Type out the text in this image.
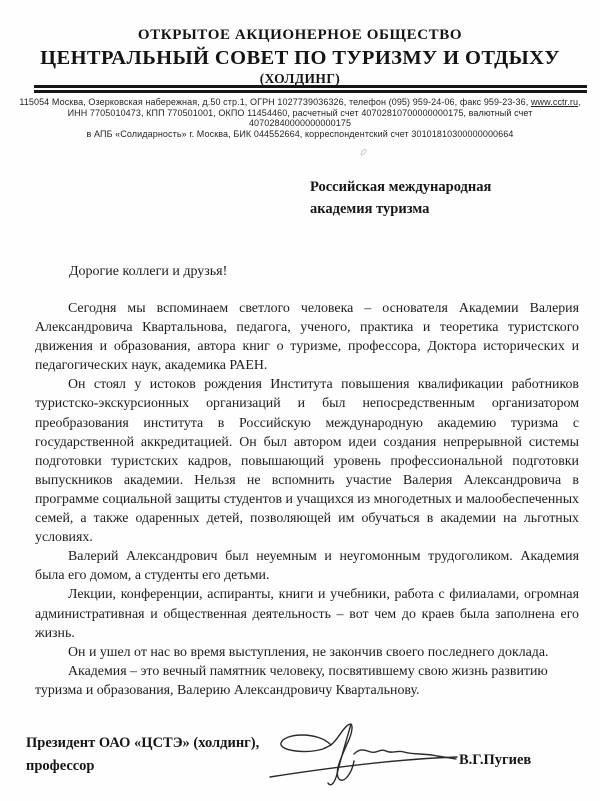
ОТКРЫТОЕ АКЦИОНЕРНОЕ ОБЩЕСТВО
ЦЕНТРАЛЬНЫЙ СОВЕТ ПО ТУРИЗМУ И ОТДЫХУ
(ХОЛДИНГ)
115054 Москва, Озерковская набережная, д.50 стр.1, ОГРН 1027739036326, телефон (095) 959-24-06, факс 959-23-36, www.cctr.ru,
ИНН 7705010473, КПП 770501001, ОКПО 11454460, расчетный счет 40702810700000000175, валютный счет 40702840000000000175
в АПБ «Солидарность» г. Москва, БИК 044552664, корреспондентский счет 30101810300000000664
Российская международная
академия туризма
Дорогие коллеги и друзья!

Сегодня мы вспоминаем светлого человека – основателя Академии Валерия Александровича Квартальнова, педагога, ученого, практика и теоретика туристского движения и образования, автора книг о туризме, профессора, Доктора исторических и педагогических наук, академика РАЕН.

Он стоял у истоков рождения Института повышения квалификации работников туристско-экскурсионных организаций и был непосредственным организатором преобразования института в Российскую международную академию туризма с государственной аккредитацией. Он был автором идеи создания непрерывной системы подготовки туристских кадров, повышающий уровень профессиональной подготовки выпускников академии. Нельзя не вспомнить участие Валерия Александровича в программе социальной защиты студентов и учащихся из многодетных и малообеспеченных семей, а также одаренных детей, позволяющей им обучаться в академии на льготных условиях.

Валерий Александрович был неуемным и неугомонным трудоголиком. Академия была его домом, а студенты его детьми.

Лекции, конференции, аспиранты, книги и учебники, работа с филиалами, огромная административная и общественная деятельность – вот чем до краев была заполнена его жизнь.

Он и ушел от нас во время выступления, не закончив своего последнего доклада.

Академия – это вечный памятник человеку, посвятившему свою жизнь развитию туризма и образования, Валерию Александровичу Квартальнову.

Президент ОАО «ЦСТЭ» (холдинг),
профессор	В.Г.Пугиев
